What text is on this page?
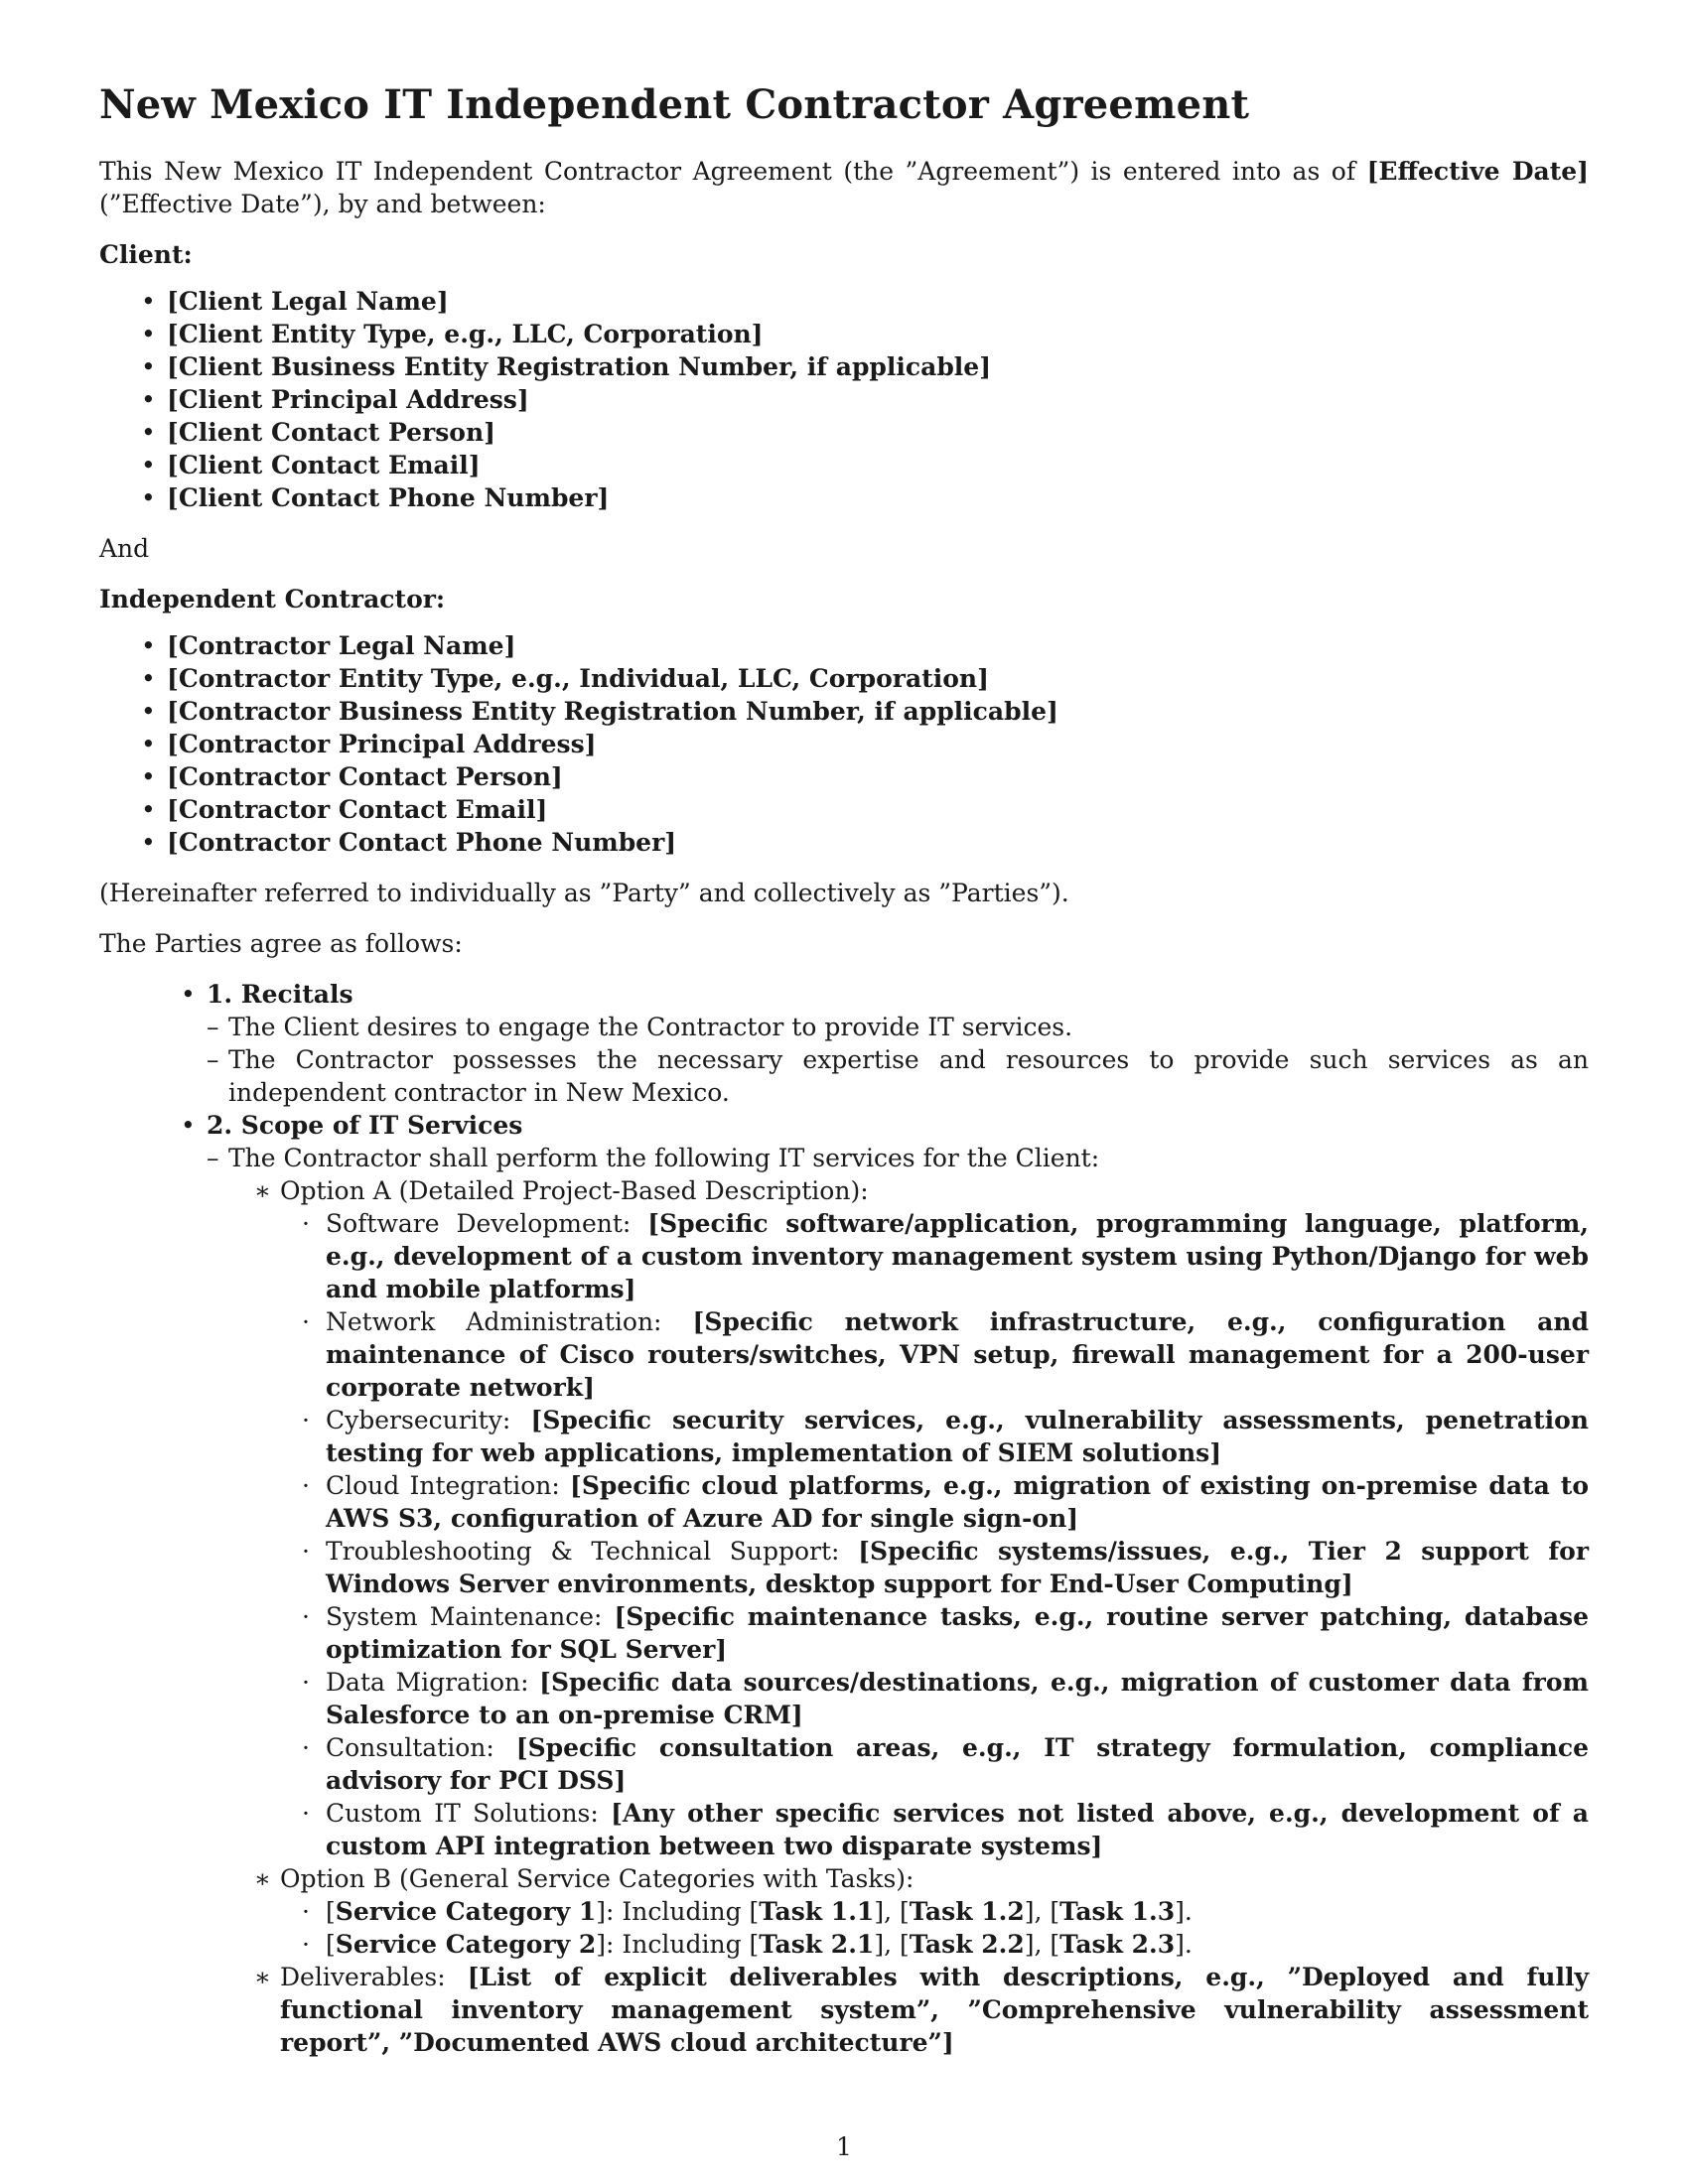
New Mexico IT Independent Contractor Agreement

This New Mexico IT Independent Contractor Agreement (the ”Agreement”) is entered into as of [Effective Date] (”Effective Date”), by and between:

Client:
• [Client Legal Name]
• [Client Entity Type, e.g., LLC, Corporation]
• [Client Business Entity Registration Number, if applicable]
• [Client Principal Address]
• [Client Contact Person]
• [Client Contact Email]
• [Client Contact Phone Number]

And

Independent Contractor:
• [Contractor Legal Name]
• [Contractor Entity Type, e.g., Individual, LLC, Corporation]
• [Contractor Business Entity Registration Number, if applicable]
• [Contractor Principal Address]
• [Contractor Contact Person]
• [Contractor Contact Email]
• [Contractor Contact Phone Number]

(Hereinafter referred to individually as ”Party” and collectively as ”Parties”).

The Parties agree as follows:

• 1. Recitals
– The Client desires to engage the Contractor to provide IT services.
– The Contractor possesses the necessary expertise and resources to provide such services as an independent contractor in New Mexico.
• 2. Scope of IT Services
– The Contractor shall perform the following IT services for the Client:
∗ Option A (Detailed Project-Based Description):
· Software Development: [Specific software/application, programming language, platform, e.g., development of a custom inventory management system using Python/Django for web and mobile platforms]
· Network Administration: [Specific network infrastructure, e.g., configuration and maintenance of Cisco routers/switches, VPN setup, firewall management for a 200-user corporate network]
· Cybersecurity: [Specific security services, e.g., vulnerability assessments, penetration testing for web applications, implementation of SIEM solutions]
· Cloud Integration: [Specific cloud platforms, e.g., migration of existing on-premise data to AWS S3, configuration of Azure AD for single sign-on]
· Troubleshooting & Technical Support: [Specific systems/issues, e.g., Tier 2 support for Windows Server environments, desktop support for End-User Computing]
· System Maintenance: [Specific maintenance tasks, e.g., routine server patching, database optimization for SQL Server]
· Data Migration: [Specific data sources/destinations, e.g., migration of customer data from Salesforce to an on-premise CRM]
· Consultation: [Specific consultation areas, e.g., IT strategy formulation, compliance advisory for PCI DSS]
· Custom IT Solutions: [Any other specific services not listed above, e.g., development of a custom API integration between two disparate systems]
∗ Option B (General Service Categories with Tasks):
· [Service Category 1]: Including [Task 1.1], [Task 1.2], [Task 1.3].
· [Service Category 2]: Including [Task 2.1], [Task 2.2], [Task 2.3].
∗ Deliverables: [List of explicit deliverables with descriptions, e.g., ”Deployed and fully functional inventory management system”, ”Comprehensive vulnerability assessment report”, ”Documented AWS cloud architecture”]
1
